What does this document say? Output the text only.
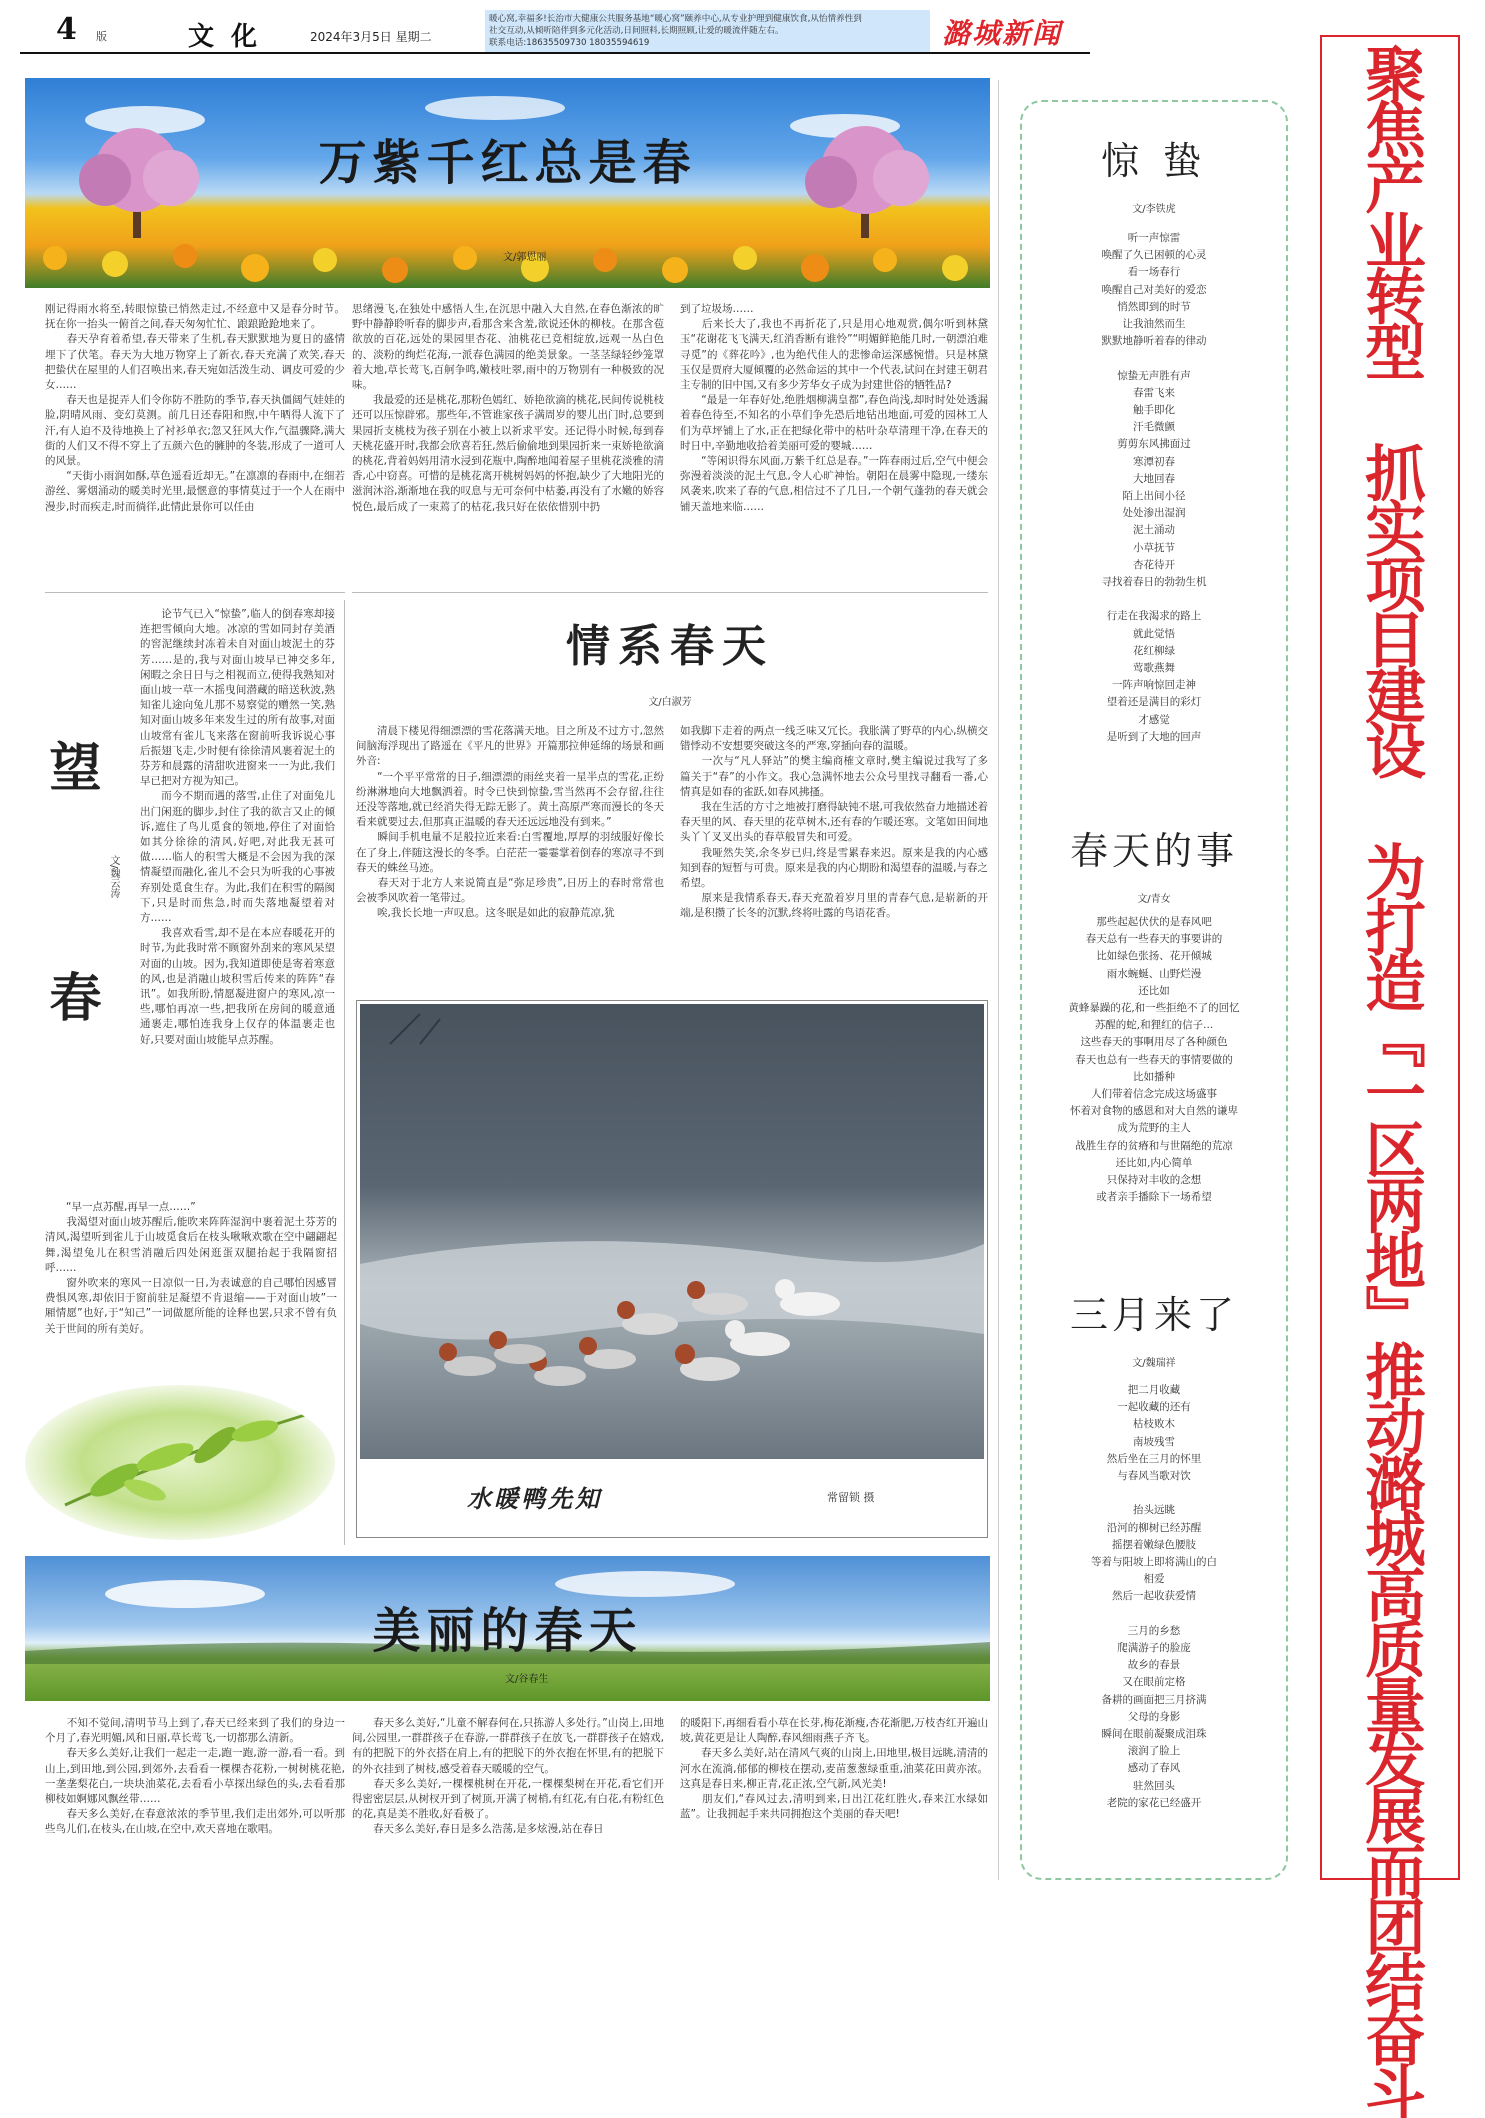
4 版	文 化	2024年3月5日 星期二
暖心窝,幸福多!长治市大健康公共服务基地“暖心窝”颐养中心,从专业护理到健康饮食,从怡情养性到
社交互动,从倾听陪伴到多元化活动,日间照料,长期照顾,让爱的暖流伴随左右。
联系电话:18635509730 18035594619	潞城新闻
聚焦产业转型 抓实项目建设 为打造『一区两地』推动潞城高质量发展而团结奋斗
惊 蛰
文/李铁虎
听一声惊雷
唤醒了久已困顿的心灵
看一场春行
唤醒自己对美好的爱恋
悄然即到的时节
让我油然而生
默默地静听着春的律动

惊蛰无声胜有声
春雷飞来
触手即化
汗毛微颤
剪剪东风拂面过
寒潭初春
大地回春
陌上出间小径
处处渗出湿润
泥土涌动
小草抚节
杏花待开
寻找着春日的勃勃生机

行走在我渴求的路上
就此觉悟
花红柳绿
莺歌燕舞
一阵声响惊回走神
望着还是满目的彩灯
才感觉
是听到了大地的回声
春天的事
文/青女
那些起起伏伏的是春风吧
春天总有一些春天的事要讲的
比如绿色张扬、花开倾城
雨水蜿蜒、山野烂漫
还比如
黄蜂暴躁的花,和一些拒绝不了的回忆
苏醒的蛇,和狸红的信子...
这些春天的事啊用尽了各种颜色
春天也总有一些春天的事情要做的
比如播种
人们带着信念完成这场盛事
怀着对食物的感恩和对大自然的谦卑
成为荒野的主人
战胜生存的贫瘠和与世隔绝的荒凉
还比如,内心简单
只保持对丰收的念想
或者亲手播除下一场希望
三月来了
文/魏瑞祥
把二月收藏
一起收藏的还有
枯枝败木
南坡残雪
然后坐在三月的怀里
与春风当歌对饮

抬头远眺
沿河的柳树已经苏醒
摇摆着嫩绿色腰肢
等着与阳坡上即将满山的白
相爱
然后一起收获爱情

三月的乡愁
爬满游子的脸庞
故乡的春景
又在眼前定格
备耕的画面把三月挤满
父母的身影
瞬间在眼前凝聚成泪珠
滚润了脸上
感动了春风
驻然回头
老院的家花已经盛开
万紫千红总是春
文/郭恩丽

刚记得雨水将至,转眼惊蛰已悄然走过,不经意中又是春分时节。抚在你一抬头一俯首之间,春天匆匆忙忙、踉踉跄跄地来了。
　　春天孕育着希望,春天带来了生机,春天默默地为夏日的盛情埋下了伏笔。春天为大地万物穿上了新衣,春天充满了欢笑,春天把蛰伏在屋里的人们召唤出来,春天宛如活泼生动、调皮可爱的少女……
　　春天也是捉弄人们令你防不胜防的季节,春天执僵阔气娃娃的脸,阴晴风雨、变幻莫测。前几日还春阳和煦,中午晒得人流下了汗,有人迫不及待地换上了衬衫单衣;忽又狂风大作,气温骤降,满大街的人们又不得不穿上了五颜六色的臃肿的冬装,形成了一道可人的风景。
　　“天街小雨润如酥,草色遥看近却无。”在凛凛的春雨中,在细若游丝、雾烟涌动的暖美时光里,最惬意的事情莫过于一个人在雨中漫步,时而疾走,时而徜徉,此情此景你可以任由

思绪漫飞,在独处中感悟人生,在沉思中融入大自然,在春色渐浓的旷野中静静聆听春的脚步声,看那含来含羞,欲说还休的柳枝。在那含苞欲放的百花,远处的果园里杏花、油桃花已竞相绽放,远观一丛白色的、淡粉的绚烂花海,一派春色满园的绝美景象。一茎茎绿轻纱笼罩着大地,草长莺飞,百舸争鸣,嫩枝吐翠,雨中的万物别有一种极致的况味。
　　我最爱的还是桃花,那粉色嫣红、娇艳欲滴的桃花,民间传说桃枝还可以压惊辟邪。那些年,不管谁家孩子满周岁的婴儿出门时,总要到果园折支桃枝为孩子别在小被上以祈求平安。还记得小时候,每到春天桃花盛开时,我都会欣喜若狂,然后偷偷地到果园折来一束娇艳欲滴的桃花,背着妈妈用清水浸到花瓶中,陶醉地闻着屋子里桃花淡雅的清香,心中窃喜。可惜的是桃花离开桃树妈妈的怀抱,缺少了大地阳光的滋润沐浴,渐渐地在我的叹息与无可奈何中枯萎,再没有了水嫩的娇容悦色,最后成了一束蔫了的枯花,我只好在依依惜别中扔

到了垃圾场……
　　后来长大了,我也不再折花了,只是用心地观赏,偶尔听到林黛玉“花谢花飞飞满天,红消香断有谁怜”“明媚鲜艳能几时,一朝漂泊难寻觅”的《葬花吟》,也为绝代佳人的悲惨命运深感惋惜。只是林黛玉仅是贾府大厦倾覆的必然命运的其中一个代表,试问在封建王朝君主专制的旧中国,又有多少芳华女子成为封建世俗的牺牲品?
　　“最是一年春好处,绝胜烟柳满皇都”,春色尚浅,却时时处处透漏着春色待至,不知名的小草们争先恐后地钻出地面,可爱的园林工人们为草坪铺上了水,正在把绿化带中的枯叶杂草清理干净,在春天的时日中,辛勤地收拾着美丽可爱的婴城……
　　“等闲识得东风面,万紫千红总是春。”一阵春雨过后,空气中便会弥漫着淡淡的泥土气息,令人心旷神怡。朝阳在晨雾中隐现,一缕东风袭来,吹来了春的气息,相信过不了几日,一个朝气蓬勃的春天就会铺天盖地来临……

望 春 文/魏云涛

　　论节气已入“惊蛰”,临人的倒春寒却接连把雪倾向大地。冰凉的雪如同封存美酒的窖泥继续封冻着未自对面山坡泥土的芬芳……是的,我与对面山坡早已神交多年,闲暇之余日日与之相视而立,使得我熟知对面山坡一草一木摇曳间潜藏的暗送秋波,熟知雀儿途向兔儿那不易察觉的赠然一笑,熟知对面山坡多年来发生过的所有故事,对面山坡常有雀儿飞来落在窗前听我诉说心事后振翅飞走,少时便有徐徐清风裹着泥土的芬芳和晨露的清甜吹进窗来一一为此,我们早已把对方视为知己。
　　而今不期而遇的落雪,止住了对面兔儿出门闲逛的脚步,封住了我的欲言又止的倾诉,遮住了鸟儿觅食的领地,停住了对面恰如其分徐徐的清风,好吧,对此我无甚可做……临人的积雪大概是不会因为我的深情凝望而融化,雀儿不会只为听我的心事被弃别处觅食生存。为此,我们在积雪的隔阂下,只是时而焦急,时而失落地凝望着对方……
　　我喜欢看雪,却不是在本应春暖花开的时节,为此我时常不顾窗外刮来的寒风呆望对面的山坡。因为,我知道即使是寄着寒意的风,也是消融山坡积雪后传来的阵阵“春讯”。如我所盼,情愿凝进窗户的寒风,凉一些,哪怕再凉一些,把我所在房间的暖意通通裹走,哪怕连我身上仅存的体温裹走也好,只要对面山坡能早点苏醒。

　　“早一点苏醒,再早一点……”
　　我渴望对面山坡苏醒后,能吹来阵阵湿润中裹着泥土芬芳的清风,渴望听到雀儿于山坡觅食后在枝头啾啾欢歌在空中翩翩起舞,渴望兔儿在积雪消融后四处闲逛蛋双腿抬起于我隔窗招呼……
　　窗外吹来的寒风一日凉似一日,为表诚意的自己哪怕因感冒费惧风寒,却依旧于窗前驻足凝望不肯退缩——于对面山坡”一厢情愿”也好,于“知己”一词做愿所能的诠释也罢,只求不曾有负关于世间的所有美好。

情系春天
文/白淑芳

　　清晨下楼见得细漂漂的雪花落满天地。目之所及不过方寸,忽然间脑海浮现出了路遥在《平凡的世界》开篇那拉伸延绵的场景和画外音:
　　“一个平平常常的日子,细漂漂的雨丝夹着一星半点的雪花,正纷纷淋淋地向大地飘洒着。时令已快到惊蛰,雪当然再不会存留,往往还没等落地,就已经消失得无踪无影了。黄土高原严寒而漫长的冬天看来就要过去,但那真正温暖的春天还远远地没有到来。”
　　瞬间手机电量不足般拉近来看:白雪覆地,厚厚的羽绒服好像长在了身上,伴随这漫长的冬季。白茫茫一霎霎掌着倒春的寒凉寻不到春天的蛛丝马迹。
　　春天对于北方人来说简直是“弥足珍贵”,日历上的春时常常也会被季风吹着一笔带过。
　　唉,我长长地一声叹息。这冬眠是如此的寂静荒凉,犹

如我脚下走着的两点一线乏味又冗长。我胀满了野草的内心,纵横交错悸动不安想要突破这冬的严寒,穿插向春的温暖。
　　一次与“凡人驿站”的樊主编商榷文章时,樊主编说过我写了多篇关于“春”的小作文。我心急满怀地去公众号里找寻翻看一番,心情真是如春的雀跃,如春风拂搔。
　　我在生活的方寸之地被打磨得缺钝不堪,可我依然奋力地描述着春天里的风、春天里的花草树木,还有春的乍暖还寒。文笔如田间地头丫丫叉叉出头的春草般冒失和可爱。
　　我哑然失笑,余冬岁已归,终是雪累春来迟。原来是我的内心感知到春的短暂与可贵。原来是我的内心期盼和渴望春的温暖,与春之希望。
　　原来是我情系春天,春天充盈着岁月里的青春气息,是崭新的开端,是积攒了长冬的沉默,终将吐露的鸟语花香。

水暖鸭先知	常留锁 摄
美丽的春天
文/谷春生

　　不知不觉间,清明节马上到了,春天已经来到了我们的身边一个月了,春光明媚,风和日丽,草长莺飞,一切都那么清新。
　　春天多么美好,让我们一起走一走,跑一跑,游一游,看一看。到山上,到田地,到公园,到郊外,去看看一棵棵杏花粉,一树树桃花艳,一垄垄梨花白,一块块油菜花,去看看小草探出绿色的头,去看看那柳枝如婀娜风飘丝带……
　　春天多么美好,在春意浓浓的季节里,我们走出郊外,可以听那些鸟儿们,在枝头,在山坡,在空中,欢天喜地在歌唱。

　　春天多么美好,“儿童不解春何在,只拣游人多处行。”山岗上,田地间,公园里,一群群孩子在春游,一群群孩子在放飞,一群群孩子在嬉戏,有的把脱下的外衣搭在肩上,有的把脱下的外衣抱在怀里,有的把脱下的外衣挂到了树枝,感受着春天暖暖的空气。
　　春天多么美好,一棵棵桃树在开花,一棵棵梨树在开花,看它们开得密密层层,从树杈开到了树顶,开满了树梢,有红花,有白花,有粉红色的花,真是美不胜收,好看极了。
　　春天多么美好,春日是多么浩荡,是多炫漫,站在春日

的暖阳下,再细看看小草在长芽,梅花渐瘦,杏花渐肥,万枝杏红开遍山坡,黄花更是让人陶醉,春风细雨燕子齐飞。
　　春天多么美好,站在清风气爽的山岗上,田地里,极目远眺,清清的河水在流淌,郁郁的柳枝在摆动,麦苗葱葱绿重重,油菜花田黄亦浓。这真是春日来,柳正青,花正浓,空气新,风光美!
　　朋友们,“春风过去,清明到来,日出江花红胜火,春来江水绿如蓝”。让我拥起手来共同拥抱这个美丽的春天吧!
